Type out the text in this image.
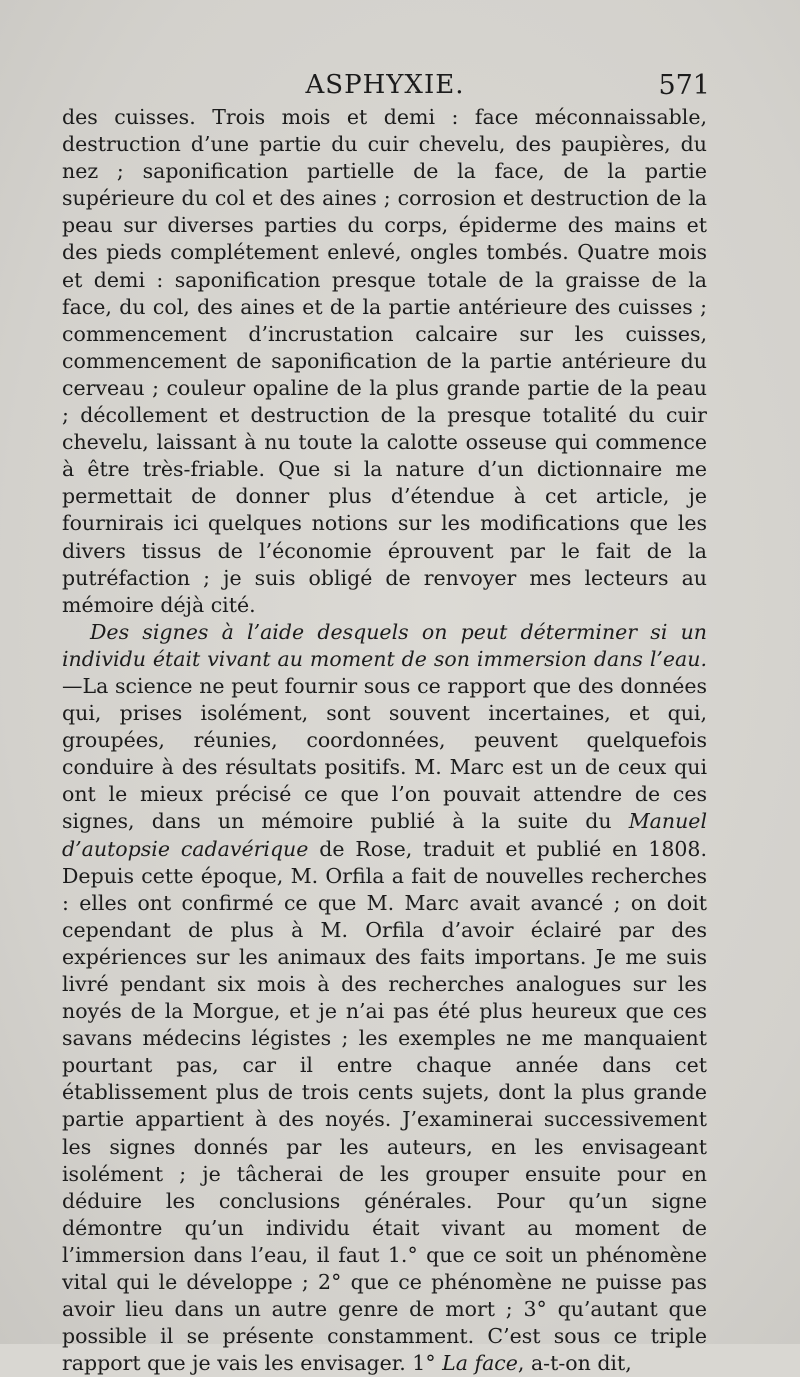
ASPHYXIE.	571

des cuisses. Trois mois et demi : face méconnaissable, destruction d’une partie du cuir chevelu, des paupières, du nez ; saponification partielle de la face, de la partie supérieure du col et des aines ; corrosion et destruction de la peau sur diverses parties du corps, épiderme des mains et des pieds complétement enlevé, ongles tombés. Quatre mois et demi : saponification presque totale de la graisse de la face, du col, des aines et de la partie antérieure des cuisses ; commencement d’incrustation calcaire sur les cuisses, commencement de saponification de la partie antérieure du cerveau ; couleur opaline de la plus grande partie de la peau ; décollement et destruction de la presque totalité du cuir chevelu, laissant à nu toute la calotte osseuse qui commence à être très-friable. Que si la nature d’un dictionnaire me permettait de donner plus d’étendue à cet article, je fournirais ici quelques notions sur les modifications que les divers tissus de l’économie éprouvent par le fait de la putréfaction ; je suis obligé de renvoyer mes lecteurs au mémoire déjà cité.

Des signes à l’aide desquels on peut déterminer si un individu était vivant au moment de son immersion dans l’eau.—La science ne peut fournir sous ce rapport que des données qui, prises isolément, sont souvent incertaines, et qui, groupées, réunies, coordonnées, peuvent quelquefois conduire à des résultats positifs. M. Marc est un de ceux qui ont le mieux précisé ce que l’on pouvait attendre de ces signes, dans un mémoire publié à la suite du Manuel d’autopsie cadavérique de Rose, traduit et publié en 1808. Depuis cette époque, M. Orfila a fait de nouvelles recherches : elles ont confirmé ce que M. Marc avait avancé ; on doit cependant de plus à M. Orfila d’avoir éclairé par des expériences sur les animaux des faits importans. Je me suis livré pendant six mois à des recherches analogues sur les noyés de la Morgue, et je n’ai pas été plus heureux que ces savans médecins légistes ; les exemples ne me manquaient pourtant pas, car il entre chaque année dans cet établissement plus de trois cents sujets, dont la plus grande partie appartient à des noyés. J’examinerai successivement les signes donnés par les auteurs, en les envisageant isolément ; je tâcherai de les grouper ensuite pour en déduire les conclusions générales. Pour qu’un signe démontre qu’un individu était vivant au moment de l’immersion dans l’eau, il faut 1.° que ce soit un phénomène vital qui le développe ; 2° que ce phénomène ne puisse pas avoir lieu dans un autre genre de mort ; 3° qu’autant que possible il se présente constamment. C’est sous ce triple rapport que je vais les envisager. 1° La face, a-t-on dit,
